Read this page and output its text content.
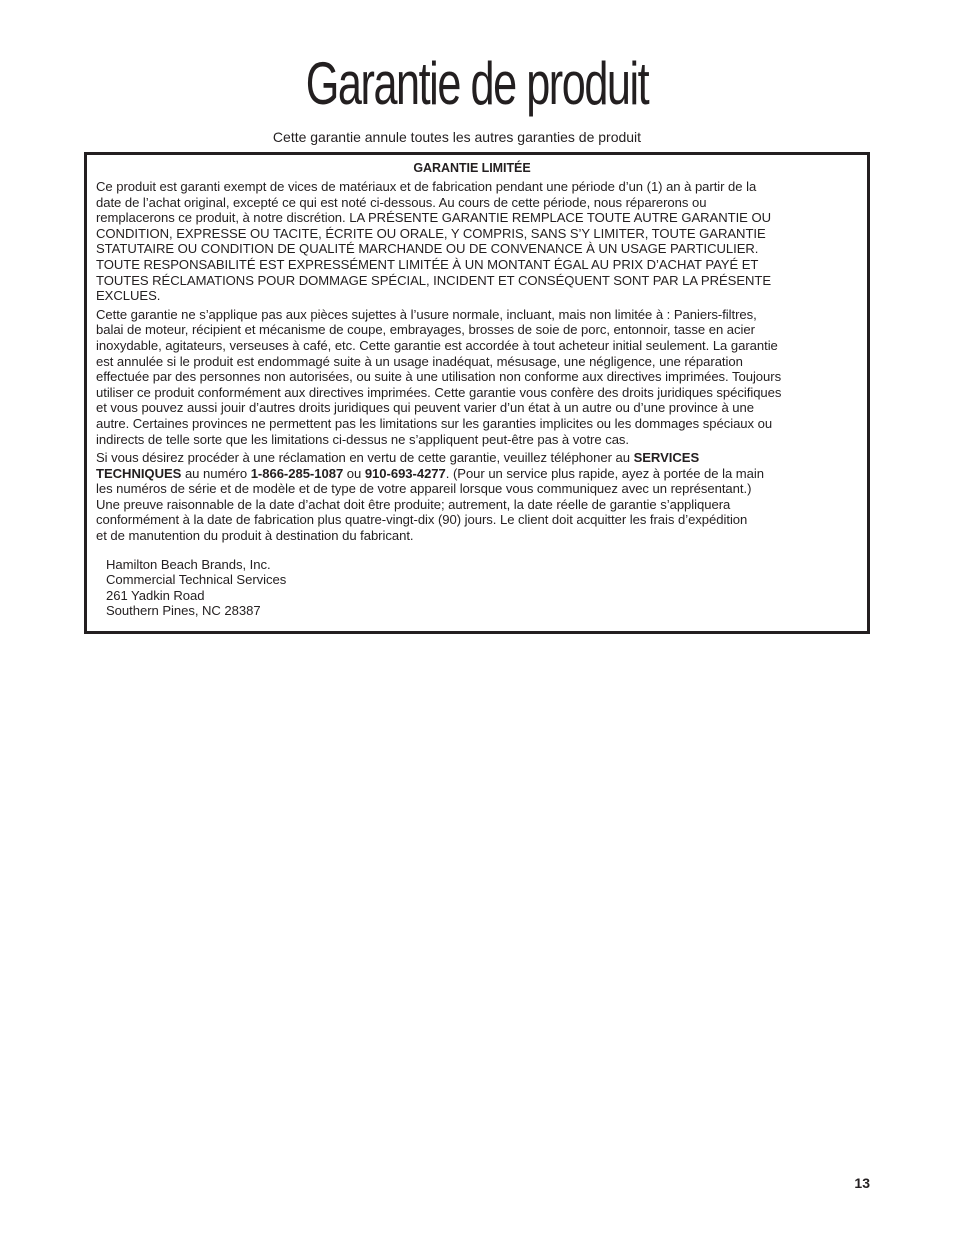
Garantie de produit

Cette garantie annule toutes les autres garanties de produit

GARANTIE LIMITÉE
Ce produit est garanti exempt de vices de matériaux et de fabrication pendant une période d’un (1) an à partir de la
date de l’achat original, excepté ce qui est noté ci-dessous. Au cours de cette période, nous réparerons ou
remplacerons ce produit, à notre discrétion. LA PRÉSENTE GARANTIE REMPLACE TOUTE AUTRE GARANTIE OU
CONDITION, EXPRESSE OU TACITE, ÉCRITE OU ORALE, Y COMPRIS, SANS S’Y LIMITER, TOUTE GARANTIE
STATUTAIRE OU CONDITION DE QUALITÉ MARCHANDE OU DE CONVENANCE À UN USAGE PARTICULIER.
TOUTE RESPONSABILITÉ EST EXPRESSÉMENT LIMITÉE À UN MONTANT ÉGAL AU PRIX D’ACHAT PAYÉ ET
TOUTES RÉCLAMATIONS POUR DOMMAGE SPÉCIAL, INCIDENT ET CONSÉQUENT SONT PAR LA PRÉSENTE
EXCLUES.
Cette garantie ne s’applique pas aux pièces sujettes à l’usure normale, incluant, mais non limitée à : Paniers-filtres,
balai de moteur, récipient et mécanisme de coupe, embrayages, brosses de soie de porc, entonnoir, tasse en acier
inoxydable, agitateurs, verseuses à café, etc. Cette garantie est accordée à tout acheteur initial seulement. La garantie
est annulée si le produit est endommagé suite à un usage inadéquat, mésusage, une négligence, une réparation
effectuée par des personnes non autorisées, ou suite à une utilisation non conforme aux directives imprimées. Toujours
utiliser ce produit conformément aux directives imprimées. Cette garantie vous confère des droits juridiques spécifiques
et vous pouvez aussi jouir d’autres droits juridiques qui peuvent varier d’un état à un autre ou d’une province à une
autre. Certaines provinces ne permettent pas les limitations sur les garanties implicites ou les dommages spéciaux ou
indirects de telle sorte que les limitations ci-dessus ne s’appliquent peut-être pas à votre cas.
Si vous désirez procéder à une réclamation en vertu de cette garantie, veuillez téléphoner au SERVICES
TECHNIQUES au numéro 1-866-285-1087 ou 910-693-4277. (Pour un service plus rapide, ayez à portée de la main
les numéros de série et de modèle et de type de votre appareil lorsque vous communiquez avec un représentant.)
Une preuve raisonnable de la date d’achat doit être produite; autrement, la date réelle de garantie s’appliquera
conformément à la date de fabrication plus quatre-vingt-dix (90) jours. Le client doit acquitter les frais d’expédition
et de manutention du produit à destination du fabricant.
Hamilton Beach Brands, Inc.
Commercial Technical Services
261 Yadkin Road
Southern Pines, NC 28387
13
